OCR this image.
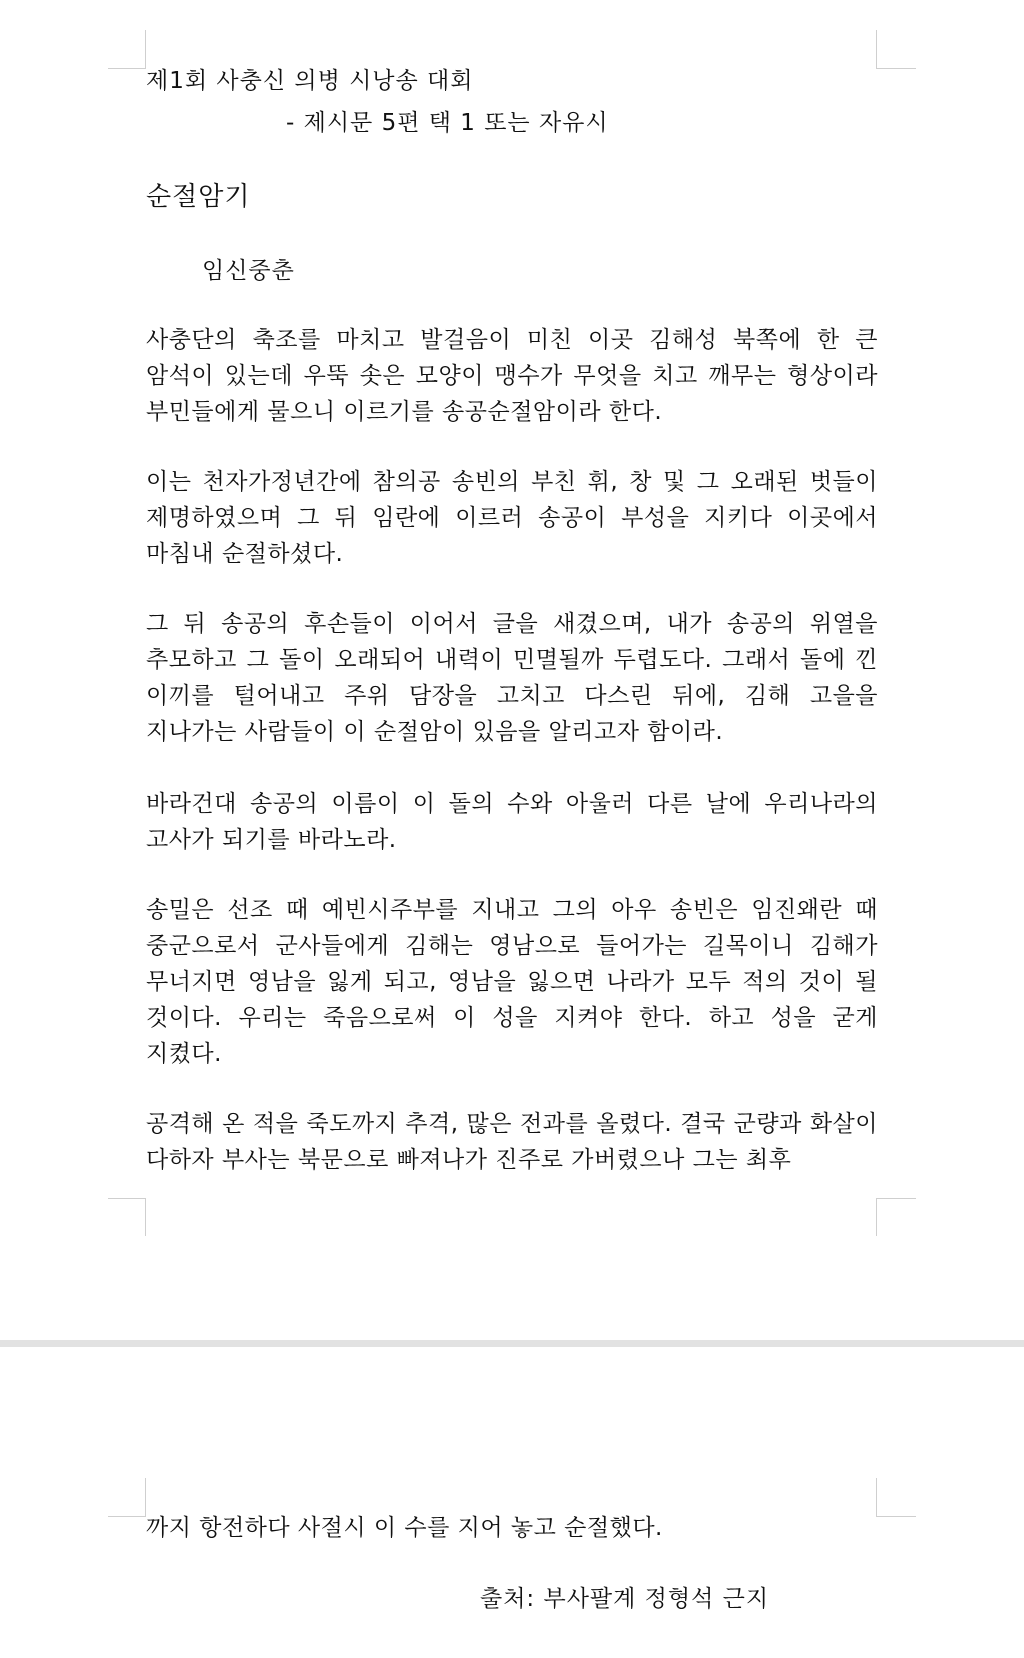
제1회 사충신 의병 시낭송 대회
- 제시문 5편 택 1 또는 자유시
순절암기
임신중춘

사충단의 축조를 마치고 발걸음이 미친 이곳 김해성 북쪽에 한 큰 암석이 있는데 우뚝 솟은 모양이 맹수가 무엇을 치고 깨무는 형상이라 부민들에게 물으니 이르기를 송공순절암이라 한다.

이는 천자가정년간에 참의공 송빈의 부친 휘, 창 및 그 오래된 벗들이 제명하였으며 그 뒤 임란에 이르러 송공이 부성을 지키다 이곳에서 마침내 순절하셨다.

그 뒤 송공의 후손들이 이어서 글을 새겼으며, 내가 송공의 위열을 추모하고 그 돌이 오래되어 내력이 민멸될까 두렵도다. 그래서 돌에 낀 이끼를 털어내고 주위 담장을 고치고 다스린 뒤에, 김해 고을을 지나가는 사람들이 이 순절암이 있음을 알리고자 함이라.

바라건대 송공의 이름이 이 돌의 수와 아울러 다른 날에 우리나라의 고사가 되기를 바라노라.

송밀은 선조 때 예빈시주부를 지내고 그의 아우 송빈은 임진왜란 때 중군으로서 군사들에게 김해는 영남으로 들어가는 길목이니 김해가 무너지면 영남을 잃게 되고, 영남을 잃으면 나라가 모두 적의 것이 될 것이다. 우리는 죽음으로써 이 성을 지켜야 한다. 하고 성을 굳게 지켰다.

공격해 온 적을 죽도까지 추격, 많은 전과를 올렸다. 결국 군량과 화살이 다하자 부사는 북문으로 빠져나가 진주로 가버렸으나 그는 최후

까지 항전하다 사절시 이 수를 지어 놓고 순절했다.

출처: 부사팔계 정형석 근지
